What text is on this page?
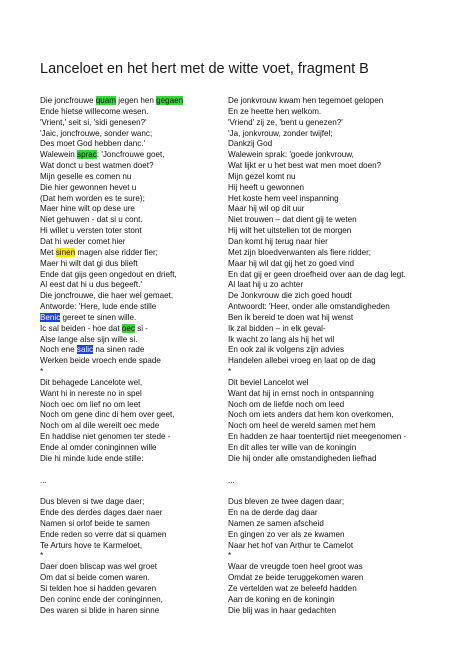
Lanceloet en het hert met de witte voet, fragment B
Die joncfrouwe quam jegen hen gegaen
Ende hietse willecome wesen.
'Vrient,' seit si, 'sidi genesen?'
'Jaic, joncfrouwe, sonder wanc;
Des moet God hebben danc.'
Walewein sprac: 'Joncfrouwe goet,
Wat donct u best watmen doet?
Mijn geselle es comen nu
Die hier gewonnen hevet u
(Dat hem worden es te sure);
Maer hine wilt op dese ure
Niet gehuwen - dat si u cont.
Hi willet u versten toter stont
Dat hi weder comet hier
Met sinen magen alse ridder fier;
Maer hi wilt dat gi dus blieft
Ende dat gijs geen ongedout en drieft,
Al eest dat hi u dus begeeft.'
Die joncfrouwe, die haer wel gemaet,
Antworde: 'Here, lude ende stille
Benic gereet te sinen wille.
Ic sal beiden - hoe dat oec si -
Alse lange alse sijn wille si.
Noch ene salic na sinen rade
Werken beide vroech ende spade
*
Dit behagede Lancelote wel,
Want hi in nereste no in spel
Noch oec om lief no om leet
Noch om gene dinc di hem over geet,
Noch om al dile wereilt oec mede
En haddise niet genomen ter stede -
Ende al omder coninginnen wille
Die hi minde lude ende stille:
...
Dus bleven si twe dage daer;
Ende des derdes dages daer naer
Namen si orlof beide te samen
Ende reden so verre dat si quamen
Te Arturs hove te Karmeloet,
*
Daer doen bliscap was wel groet
Om dat si beide comen waren.
Si telden hoe si hadden gevaren
Den coninc ende der coninginnen,
Des waren si blide in haren sinne
De jonkvrouw kwam hen tegemoet gelopen
En ze heette hen welkom.
'Vriend' zij ze, 'bent u genezen?'
'Ja, jonkvrouw, zonder twijfel;
Dankzij God
Walewein sprak: 'goede jonkvrouw,
Wat lijkt er u het best wat men moet doen?
Mijn gezel komt nu
Hij heeft u gewonnen
Het koste hem veel inspanning
Maar hij wil op dit uur
Niet trouwen – dat dient gij te weten
Hij wilt het uitstellen tot de morgen
Dan komt hij terug naar hier
Met zijn bloedverwanten als fiere ridder;
Maar hij wil dat gij het zo goed vind
En dat gij er geen droefheid over aan de dag legt.
Al laat hij u zo achter
De Jonkvrouw die zich goed houdt
Antwoordt: 'Heer, onder alle omstandigheden
Ben ik bereid te doen wat hij wenst
Ik zal bidden – in elk geval-
Ik wacht zo lang als hij het wil
En ook zal ik volgens zijn advies
Handelen allebei vroeg en laat op de dag
*
Dit beviel Lancelot wel
Want dat hij in ernst noch in ontspanning
Noch om de liefde noch om leed
Noch om iets anders dat hem kon overkomen,
Noch om heel de wereld samen met hem
En hadden ze haar toentertijd niet meegenomen -
En dit alles ter wille van de koningin
Die hij onder alle omstandigheden liefhad
...
Dus bleven ze twee dagen daar;
En na de derde dag daar
Namen ze samen afscheid
En gingen zo ver als ze kwamen
Naar het hof van Arthur te Camelot
*
Waar de vreugde toen heel groot was
Omdat ze beide teruggekomen waren
Ze vertelden wat ze beleefd hadden
Aan de koning en de koningin
Die blij was in haar gedachten
